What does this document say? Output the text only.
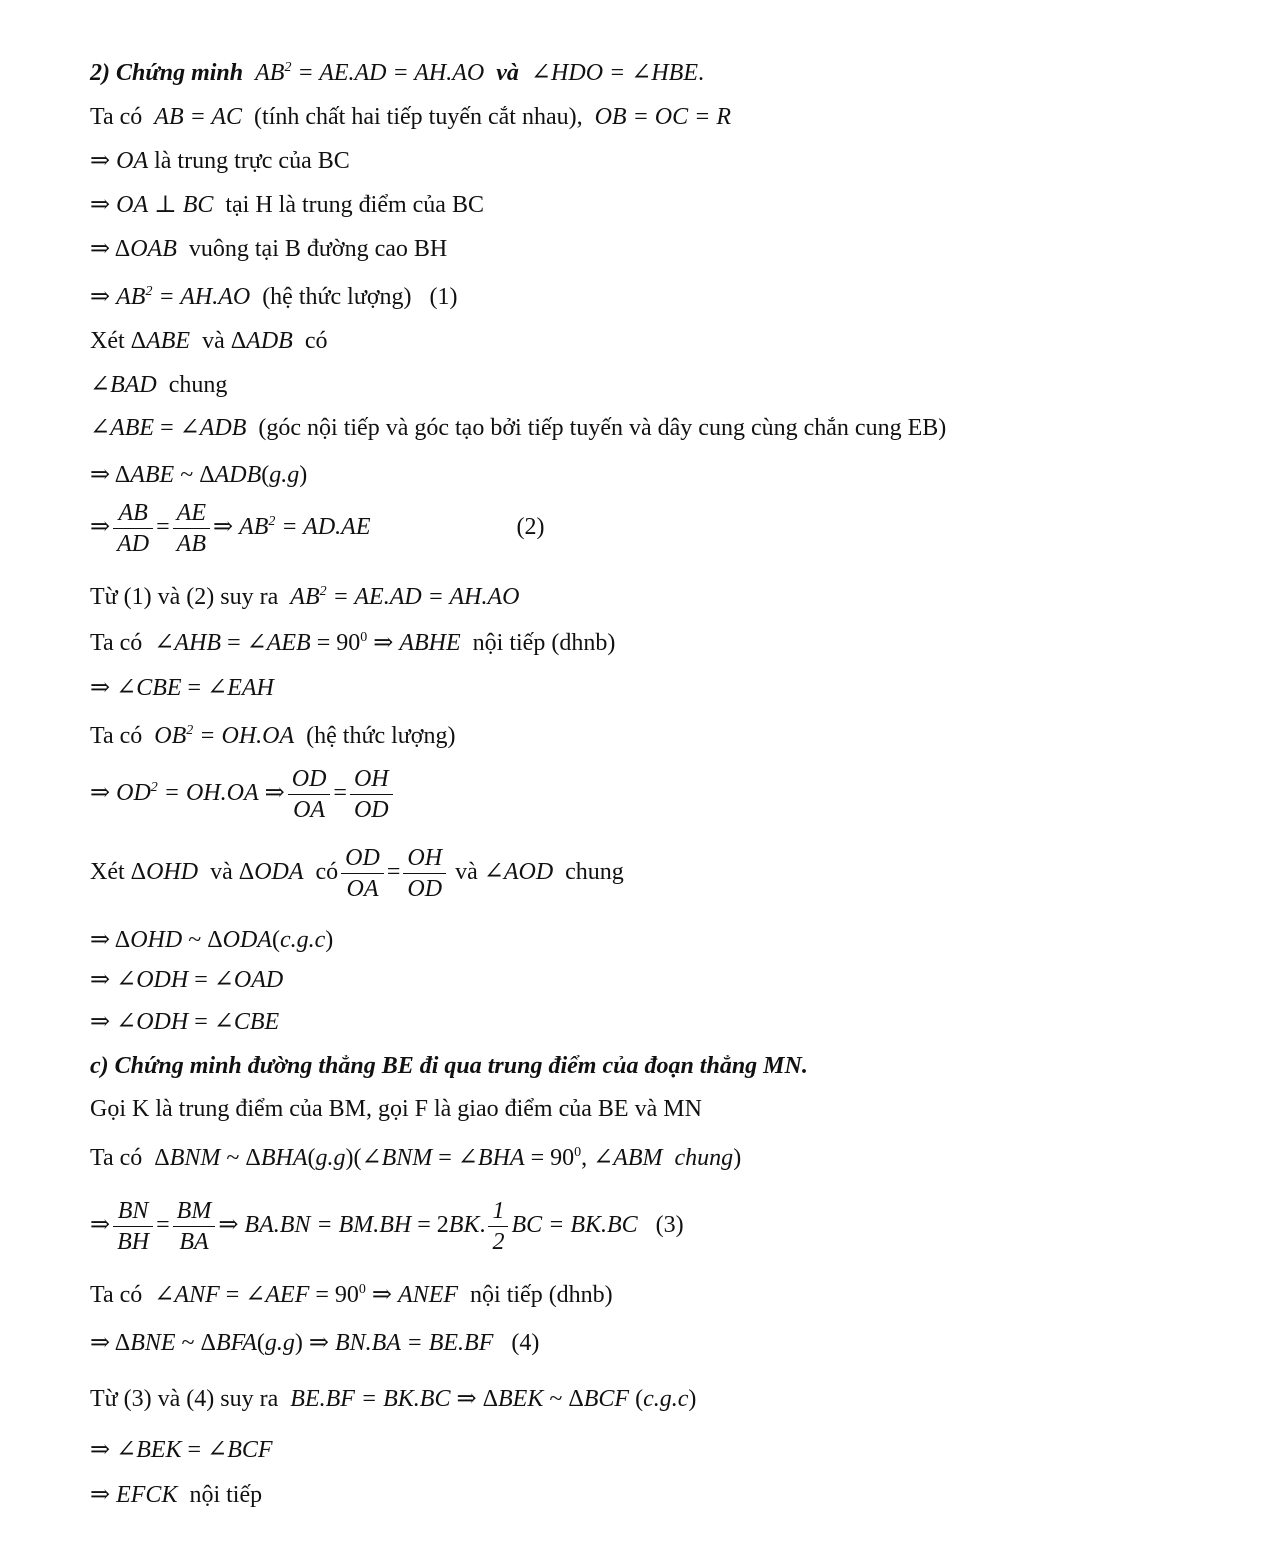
2) Chứng minh $AB^2 = AE.AD = AH.AO$ và ∠HDO = ∠HBE.
Ta có  AB = AC  (tính chất hai tiếp tuyến cắt nhau),  OB = OC = R
⇒ OA là trung trực của BC
⇒ OA ⊥ BC  tại H là trung điểm của BC
⇒ ΔOAB  vuông tại B đường cao BH
⇒ $AB^2 = AH.AO$  (hệ thức lượng)   (1)
Xét ΔABE  và ΔADB  có
∠BAD  chung
∠ABE = ∠ADB  (góc nội tiếp và góc tạo bởi tiếp tuyến và dây cung cùng chắn cung EB)
⇒ ΔABE ~ ΔADB(g.g)
⇒ $\frac{AB}{AD} = \frac{AE}{AB}$ ⇒ $AB^2 = AD.AE$	(2)
Từ (1) và (2) suy ra  $AB^2 = AE.AD = AH.AO$
Ta có  ∠AHB = ∠AEB = $90^0$ ⇒ ABHE  nội tiếp (dhnb)
⇒ ∠CBE = ∠EAH
Ta có  $OB^2 = OH.OA$  (hệ thức lượng)
⇒ $OD^2 = OH.OA$ ⇒ $\frac{OD}{OA} = \frac{OH}{OD}$
Xét ΔOHD  và ΔODA  có $\frac{OD}{OA} = \frac{OH}{OD}$ và ∠AOD  chung
⇒ ΔOHD ~ ΔODA(c.g.c)
⇒ ∠ODH = ∠OAD
⇒ ∠ODH = ∠CBE
c) Chứng minh đường thẳng BE đi qua trung điểm của đoạn thẳng MN.
Gọi K là trung điểm của BM, gọi F là giao điểm của BE và MN
Ta có  ΔBNM ~ ΔBHA(g.g)(∠BNM = ∠BHA = $90^0$, ∠ABM  chung)
⇒ $\frac{BN}{BH} = \frac{BM}{BA}$ ⇒ BA.BN = BM.BH = 2BK. $\frac{1}{2}$ BC = BK.BC   (3)
Ta có  ∠ANF = ∠AEF = $90^0$ ⇒ ANEF  nội tiếp (dhnb)
⇒ ΔBNE ~ ΔBFA(g.g) ⇒ BN.BA = BE.BF   (4)
Từ (3) và (4) suy ra  BE.BF = BK.BC ⇒ ΔBEK ~ ΔBCF (c.g.c)
⇒ ∠BEK = ∠BCF
⇒ EFCK  nội tiếp
